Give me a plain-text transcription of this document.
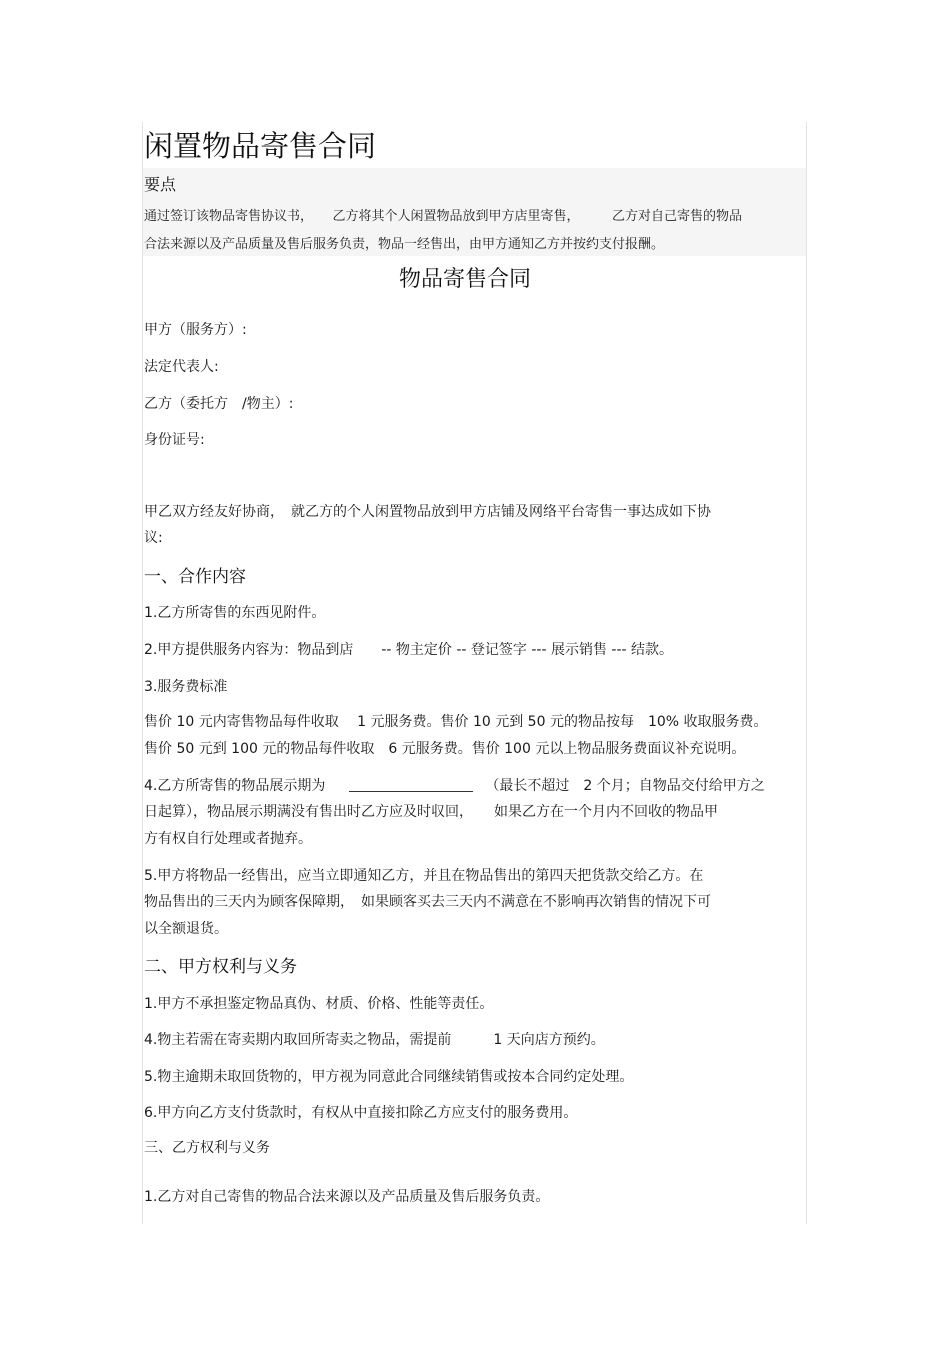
闲置物品寄售合同
要点
通过签订该物品寄售协议书，　　乙方将其个人闲置物品放到甲方店里寄售，　　　乙方对自己寄售的物品
合法来源以及产品质量及售后服务负责，物品一经售出，由甲方通知乙方并按约支付报酬。
物品寄售合同
甲方（服务方）:
法定代表人:
乙方（委托方　/物主）:
身份证号:
甲乙双方经友好协商，　就乙方的个人闲置物品放到甲方店铺及网络平台寄售一事达成如下协
议:
一、合作内容
1.乙方所寄售的东西见附件。
2.甲方提供服务内容为：物品到店　　-- 物主定价 -- 登记签字 --- 展示销售 --- 结款。
3.服务费标准
售价 10 元内寄售物品每件收取　 1 元服务费。售价 10 元到 50 元的物品按每　10% 收取服务费。
售价 50 元到 100 元的物品每件收取　6 元服务费。售价 100 元以上物品服务费面议补充说明。
4.乙方所寄售的物品展示期为	（最长不超过　2 个月；自物品交付给甲方之
日起算），物品展示期满没有售出时乙方应及时収回，　　如果乙方在一个月内不回收的物品甲
方有权自行处理或者抛弃。
5.甲方将物品一经售出，应当立即通知乙方，并且在物品售出的第四天把货款交给乙方。在
物品售出的三天内为顾客保障期，　如果顾客买去三天内不满意在不影响再次销售的情况下可
以全额退货。
二、甲方权利与义务
1.甲方不承担鉴定物品真伪、材质、价格、性能等责任。
4.物主若需在寄卖期内取回所寄卖之物品，需提前　　　1 天向店方预约。
5.物主逾期未取回货物的，甲方视为同意此合同继续销售或按本合同约定处理。
6.甲方向乙方支付货款时，有权从中直接扣除乙方应支付的服务费用。
三、乙方权利与义务
1.乙方对自己寄售的物品合法来源以及产品质量及售后服务负责。
